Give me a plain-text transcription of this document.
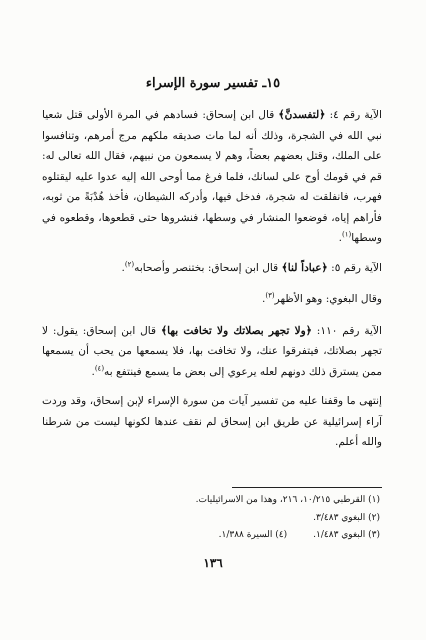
١٥ـ تفسير سورة الإسراء

الآية رقم ٤: ﴿لتفسدنَّ﴾ قال ابن إسحاق: فسادهم في المرة الأولى قتل شعيا نبي الله في الشجرة، وذلك أنه لما مات صديقه ملكهم مرج أمرهم، وتنافسوا على الملك، وقتل بعضهم بعضاً، وهم لا يسمعون من نبيهم، فقال الله تعالى له: قم في قومك أوح على لسانك، فلما فرغ مما أوحى الله إليه عدوا عليه ليقتلوه فهرب، فانفلقت له شجرة، فدخل فيها، وأدركه الشيطان، فأخذ هُدْبَةً من ثوبه، فأراهم إياه، فوضعوا المنشار في وسطها، فنشروها حتى قطعوها، وقطعوه في وسطها$^{(١)}$.

الآية رقم ٥: ﴿عباداً لنا﴾ قال ابن إسحاق: بختنصر وأصحابه$^{(٢)}$.

وقال البغوي: وهو الأظهر$^{(٣)}$.

الآية رقم ١١٠: ﴿ولا تجهر بصلاتك ولا تخافت بها﴾ قال ابن إسحاق: يقول: لا تجهر بصلاتك، فيتفرقوا عنك، ولا تخافت بها، فلا يسمعها من يحب أن يسمعها ممن يسترق ذلك دونهم لعله يرعوي إلى بعض ما يسمع فينتفع به$^{(٤)}$.

إنتهى ما وقفنا عليه من تفسير آيات من سورة الإسراء لإبن إسحاق، وقد وردت آراء إسرائيلية عن طريق ابن إسحاق لم نقف عندها لكونها ليست من شرطنا والله أعلم.

(١) القرطبي ١٠/٢١٥، ٢١٦، وهذا من الاسرائيليات.
(٢) البغوي ٣/٤٨٣.
(٣) البغوي ١/٤٨٣.
(٤) السيرة ١/٣٨٨.
١٣٦
